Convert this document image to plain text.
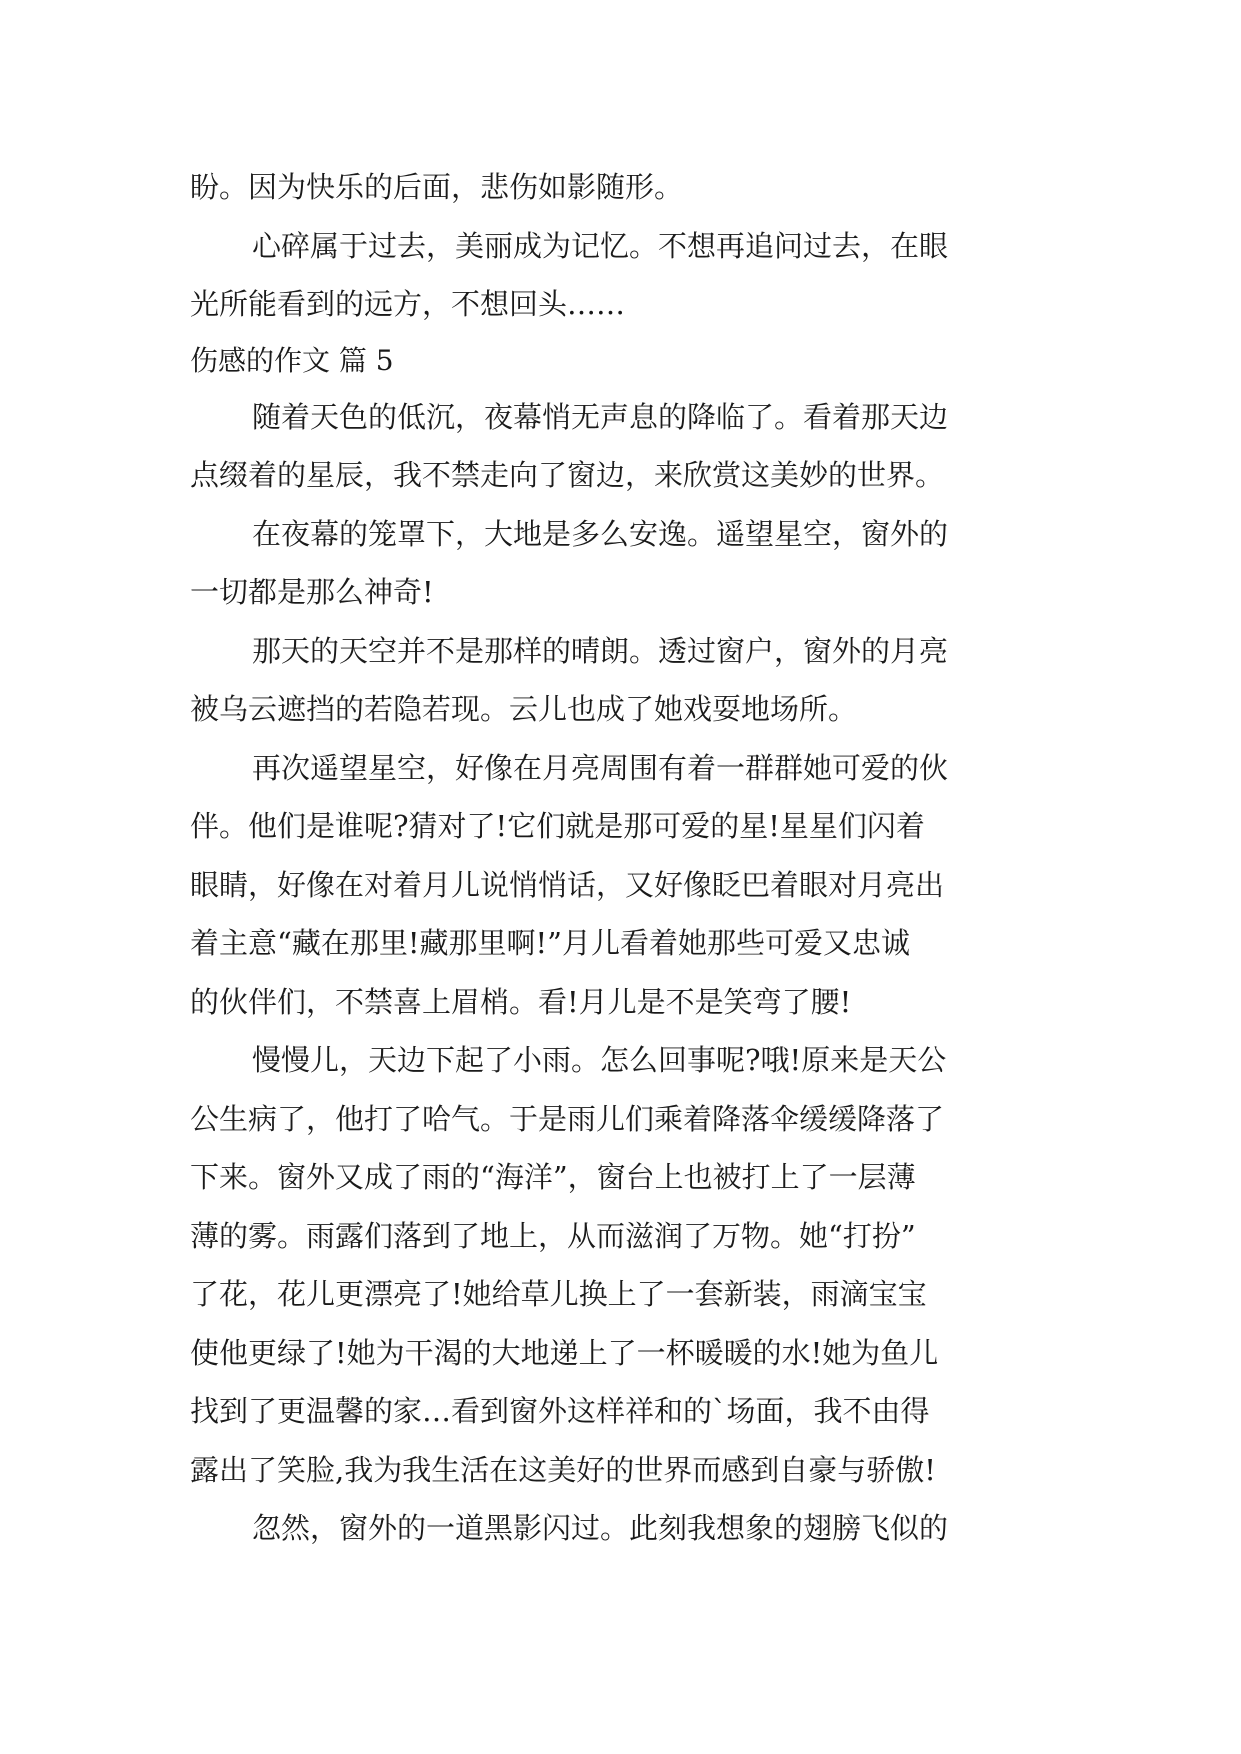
盼。因为快乐的后面，悲伤如影随形。
心碎属于过去，美丽成为记忆。不想再追问过去，在眼
光所能看到的远方，不想回头……
伤感的作文 篇 5
随着天色的低沉，夜幕悄无声息的降临了。看着那天边
点缀着的星辰，我不禁走向了窗边，来欣赏这美妙的世界。
在夜幕的笼罩下，大地是多么安逸。遥望星空，窗外的
一切都是那么神奇!
那天的天空并不是那样的晴朗。透过窗户，窗外的月亮
被乌云遮挡的若隐若现。云儿也成了她戏耍地场所。
再次遥望星空，好像在月亮周围有着一群群她可爱的伙
伴。他们是谁呢?猜对了!它们就是那可爱的星!星星们闪着
眼睛，好像在对着月儿说悄悄话，又好像眨巴着眼对月亮出
着主意“藏在那里!藏那里啊!”月儿看着她那些可爱又忠诚
的伙伴们，不禁喜上眉梢。看!月儿是不是笑弯了腰!
慢慢儿，天边下起了小雨。怎么回事呢?哦!原来是天公
公生病了，他打了哈气。于是雨儿们乘着降落伞缓缓降落了
下来。窗外又成了雨的“海洋”，窗台上也被打上了一层薄
薄的雾。雨露们落到了地上，从而滋润了万物。她“打扮”
了花，花儿更漂亮了!她给草儿换上了一套新装，雨滴宝宝
使他更绿了!她为干渴的大地递上了一杯暖暖的水!她为鱼儿
找到了更温馨的家…看到窗外这样祥和的`场面，我不由得
露出了笑脸,我为我生活在这美好的世界而感到自豪与骄傲!
忽然，窗外的一道黑影闪过。此刻我想象的翅膀飞似的
